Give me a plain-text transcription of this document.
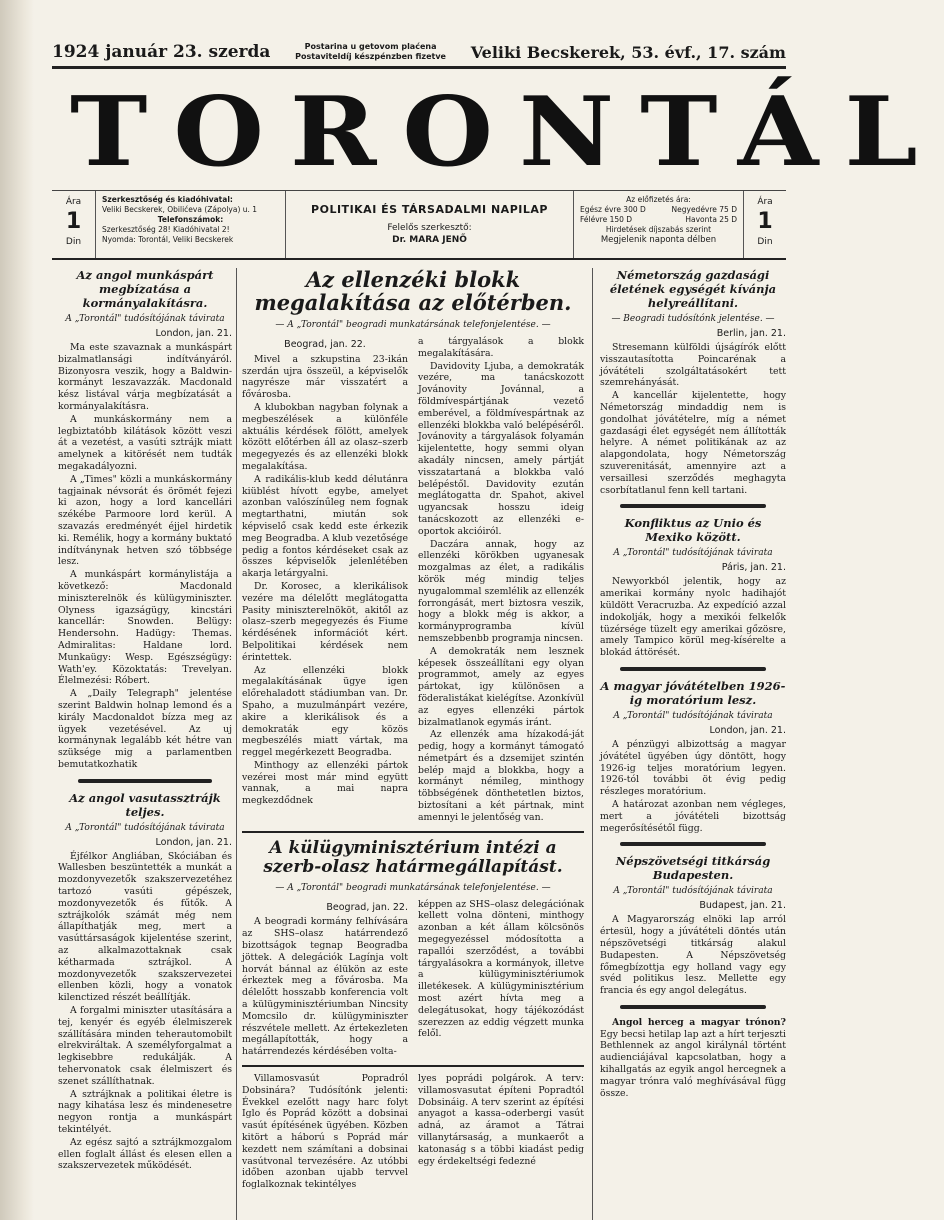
1924 január 23. szerda	Postarina u getovom plaćena
Postaviteldíj készpénzben fizetve Veliki Becskerek, 53. évf., 17. szám
TORONTÁL
Ára
1
Din
Szerkesztőség és kiadóhivatal:
Veliki Becskerek, Obilićeva (Zápolya) u. 1
Telefonszámok:
Szerkesztőség 28! Kiadóhivatal 2!
Nyomda: Torontál, Veliki Becskerek
POLITIKAI ÉS TÁRSADALMI NAPILAP
Felelős szerkesztő:
Dr. MARA JENŐ
Az előfizetés ára:
Egész évre 300 D	Negyedévre 75 D
Félévre 150 D	Havonta 25 D
Hirdetések díjszabás szerint
Megjelenik naponta délben
Ára
1
Din
Az angol munkáspárt megbízatása a kormányalakításra.
A „Torontál" tudósítójának távirata
London, jan. 21.

Ma este szavaznak a munkáspárt bizalmatlansági indítványáról. Bizonyosra veszik, hogy a Baldwin-kormányt leszavazzák. Macdonald kész listával várja megbízatását a kormányalakításra.

A munkáskormány nem a legbiztatóbb kilátások között veszi át a vezetést, a vasúti sztrájk miatt amelynek a kitörését nem tudták megakadályozni.

A „Times" közli a munkáskormány tagjainak névsorát és örömét fejezi ki azon, hogy a lord kancellári székébe Parmoore lord kerül. A szavazás eredményét éjjel hirdetik ki. Remélik, hogy a kormány buktató indítványnak hetven szó többsége lesz.

A munkáspárt kormánylistája a következő: Macdonald miniszterelnök és külügyminiszter. Olyness igazságügy, kincstári kancellár: Snowden. Belügy: Hendersohn. Hadügy: Themas. Admiralitas: Haldane lord. Munkaügy: Wesp. Egészségügy: Wath'ey. Közoktatás: Trevelyan. Élelmezési: Róbert.

A „Daily Telegraph" jelentése szerint Baldwin holnap lemond és a király Macdonaldot bízza meg az ügyek vezetésével. Az uj kormánynak legalább két hétre van szüksége mig a parlamentben bemutatkozhatik

Az angol vasutassztrájk teljes.
A „Torontál" tudósítójának távirata
London, jan. 21.

Éjfélkor Angliában, Skóciában és Wallesben beszüntették a munkát a mozdonyvezetők szakszervezetéhez tartozó vasúti gépészek, mozdonyvezetők és fűtők. A sztrájkolók számát még nem állapíthatják meg, mert a vasúttársaságok kijelentése szerint, az alkalmazottaknak csak kétharmada sztrájkol. A mozdonyvezetők szakszervezetei ellenben közli, hogy a vonatok kilenctized részét beállítják.

A forgalmi miniszter utasítására a tej, kenyér és egyéb élelmiszerek szállítására minden teherautomobilt elrekviráltak. A személyforgalmat a legkisebbre redukálják. A tehervonatok csak élelmiszert és szenet szállíthatnak.

A sztrájknak a politikai életre is nagy kihatása lesz és mindenesetre negyon rontja a munkáspárt tekintélyét.

Az egész sajtó a sztrájkmozgalom ellen foglalt állást és elesen ellen a szakszervezetek működését.

Az ellenzéki blokk megalakítása az előtérben.
— A „Torontál" beogradi munkatársának telefonjelentése. —
Beograd, jan. 22.

Mivel a szkupstina 23-ikán szerdán ujra összeül, a képviselők nagyrésze már visszatért a fővárosba.

A klubokban nagyban folynak a megbeszélések a különféle aktuális kérdések fölött, amelyek között előtérben áll az olasz–szerb megegyezés és az ellenzéki blokk megalakítása.

A radikális-klub kedd délutánra kiüblést hívott egybe, amelyet azonban valószínűleg nem fognak megtarthatni, miután sok képviselő csak kedd este érkezik meg Beogradba. A klub vezetősége pedig a fontos kérdéseket csak az összes képviselők jelenlétében akarja letárgyalni.

Dr. Korosec, a klerikálisok vezére ma délelőtt meglátogatta Pasity miniszterelnököt, akitől az olasz–szerb megegyezés és Fiume kérdésének információt kért. Belpolitikai kérdések nem érintettek.

Az ellenzéki blokk megalakításának ügye igen előrehaladott stádiumban van. Dr. Spaho, a muzulmánpárt vezére, akire a klerikálisok és a demokraták egy közös megbeszélés miatt vártak, ma reggel megérkezett Beogradba.

Minthogy az ellenzéki pártok vezérei most már mind együtt vannak, a mai napra megkezdődnek

a tárgyalások a blokk megalakítására.

Davidovity Ljuba, a demokraták vezére, ma tanácskozott Jovánovity Jovánnal, a földmívespártjának vezető emberével, a földmívespártnak az ellenzéki blokkba való belépéséről. Jovánovity a tárgyalások folyamán kijelentette, hogy semmi olyan akadály nincsen, amely pártját visszatartaná a blokkba való belépéstől. Davidovity ezután meglátogatta dr. Spahot, akivel ugyancsak hosszu ideig tanácskozott az ellenzéki e-oportok akcióiról.

Daczára annak, hogy az ellenzéki körökben ugyanesak mozgalmas az élet, a radikális körök még mindig teljes nyugalommal szemlélik az ellenzék forrongását, mert biztosra veszik, hogy a blokk még is akkor, a kormányprogramba kívül nemszebbenbb programja nincsen.

A demokraták nem lesznek képesek összeállítani egy olyan programmot, amely az egyes pártokat, igy különösen a föderalistákat kielégítse. Azonkívül az egyes ellenzéki pártok bizalmatlanok egymás iránt.

Az ellenzék ama hízakodá-ját pedig, hogy a kormányt támogató németpárt és a dzsemijet szintén belép majd a blokkba, hogy a kormányt némileg, minthogy többségének dönthetetlen biztos, biztosítani a két pártnak, mint amennyi le jelentőség van.

A külügyminisztérium intézi a szerb-olasz határmegállapítást.
— A „Torontál" beogradi munkatársának telefonjelentése. —
Beograd, jan. 22.

A beogradi kormány felhívására az SHS–olasz határrendező bizottságok tegnap Beogradba jöttek. A delegációk Lagínja volt horvát bánnal az élükön az este érkeztek meg a fővárosba. Ma délelőtt hosszabb konferencia volt a külügyminisztériumban Nincsity Momcsilo dr. külügyminiszter részvétele mellett. Az értekezleten megállapították, hogy a határrendezés kérdésében volta-

képpen az SHS–olasz delegációnak kellett volna dönteni, minthogy azonban a két állam kölcsönös megegyezéssel módosította a rapallói szerződést, a további tárgyalásokra a kormányok, illetve a külügyminisztériumok illetékesek. A külügyminisztérium most azért hívta meg a delegátusokat, hogy tájékozódást szerezzen az eddig végzett munka felől.

Villamosvasút Popradról Dobsinára? Tudósítónk jelenti: Évekkel ezelőtt nagy harc folyt Iglo és Poprád között a dobsinai vasút építésének ügyében. Közben kitört a háború s Poprád már kezdett nem számítani a dobsinai vasútvonal tervezésére. Az utóbbi időben azonban ujabb tervvel foglalkoznak tekintélyes

lyes poprádi polgárok. A terv: villamosvasutat építeni Popradtól Dobsináig. A terv szerint az építési anyagot a kassa–oderbergi vasút adná, az áramot a Tátrai villanytársaság, a munkaerőt a katonaság s a többi kiadást pedig egy érdekeltségi fedezné

Németország gazdasági életének egységét kívánja helyreállítani.
— Beogradi tudósítónk jelentése. —
Berlin, jan. 21.

Stresemann külföldi újságírók előtt visszautasította Poincarénak a jóvátételi szolgáltatásokért tett szemrehányását.

A kancellár kijelentette, hogy Németország mindaddig nem is gondolhat jóvátételre, míg a német gazdasági élet egységét nem állították helyre. A német politikának az az alapgondolata, hogy Németország szuverenitását, amennyire azt a versaillesi szerződés meghagyta csorbítatlanul fenn kell tartani.

Konfliktus az Unio és Mexiko között.
A „Torontál" tudósítójának távirata
Páris, jan. 21.

Newyorkból jelentik, hogy az amerikai kormány nyolc hadihajót küldött Veracruzba. Az expedíció azzal indokolják, hogy a mexikói felkelők tüzérsége tüzelt egy amerikai gőzösre, amely Tampico körül meg-kísérelte a blokád áttörését.

A magyar jóvátételben 1926-ig moratórium lesz.
A „Torontál" tudósítójának távirata
London, jan. 21.

A pénzügyi albizottság a magyar jóvátétel ügyében úgy döntött, hogy 1926-ig teljes moratórium legyen. 1926-tól további öt évig pedig részleges moratórium.

A határozat azonban nem végleges, mert a jóvátételi bizottság megerősítésétől függ.

Népszövetségi titkárság Budapesten.
A „Torontál" tudósítójának távirata
Budapest, jan. 21.

A Magyarország elnöki lap arról értesül, hogy a júvátételi döntés után népszövetségi titkárság alakul Budapesten. A Népszövetség főmegbízottja egy holland vagy egy svéd politikus lesz. Mellette egy francia és egy angol delegátus.

Angol herceg a magyar trónon? Egy becsi hetilap lap azt a hírt terjeszti Bethlennek az angol királynál történt audienciájával kapcsolatban, hogy a kihallgatás az egyik angol hercegnek a magyar trónra való meghívásával függ össze.
